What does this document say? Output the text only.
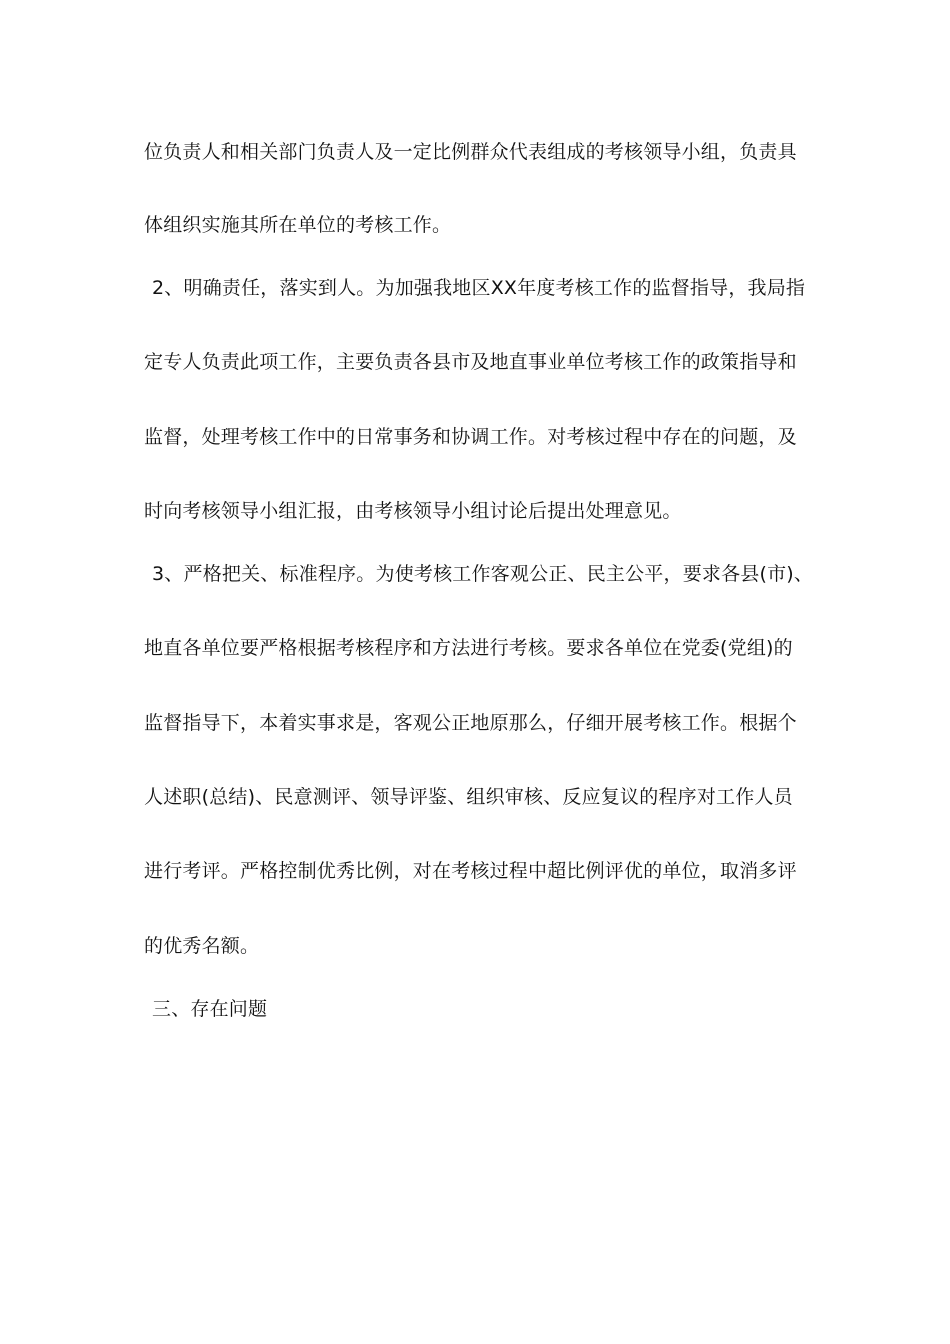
位负责人和相关部门负责人及一定比例群众代表组成的考核领导小组，负责具
体组织实施其所在单位的考核工作。
2、明确责任，落实到人。为加强我地区XX年度考核工作的监督指导，我局指
定专人负责此项工作，主要负责各县市及地直事业单位考核工作的政策指导和
监督，处理考核工作中的日常事务和协调工作。对考核过程中存在的问题，及
时向考核领导小组汇报，由考核领导小组讨论后提出处理意见。
3、严格把关、标准程序。为使考核工作客观公正、民主公平，要求各县(市)、
地直各单位要严格根据考核程序和方法进行考核。要求各单位在党委(党组)的
监督指导下，本着实事求是，客观公正地原那么，仔细开展考核工作。根据个
人述职(总结)、民意测评、领导评鉴、组织审核、反应复议的程序对工作人员
进行考评。严格控制优秀比例，对在考核过程中超比例评优的单位，取消多评
的优秀名额。
三、存在问题
